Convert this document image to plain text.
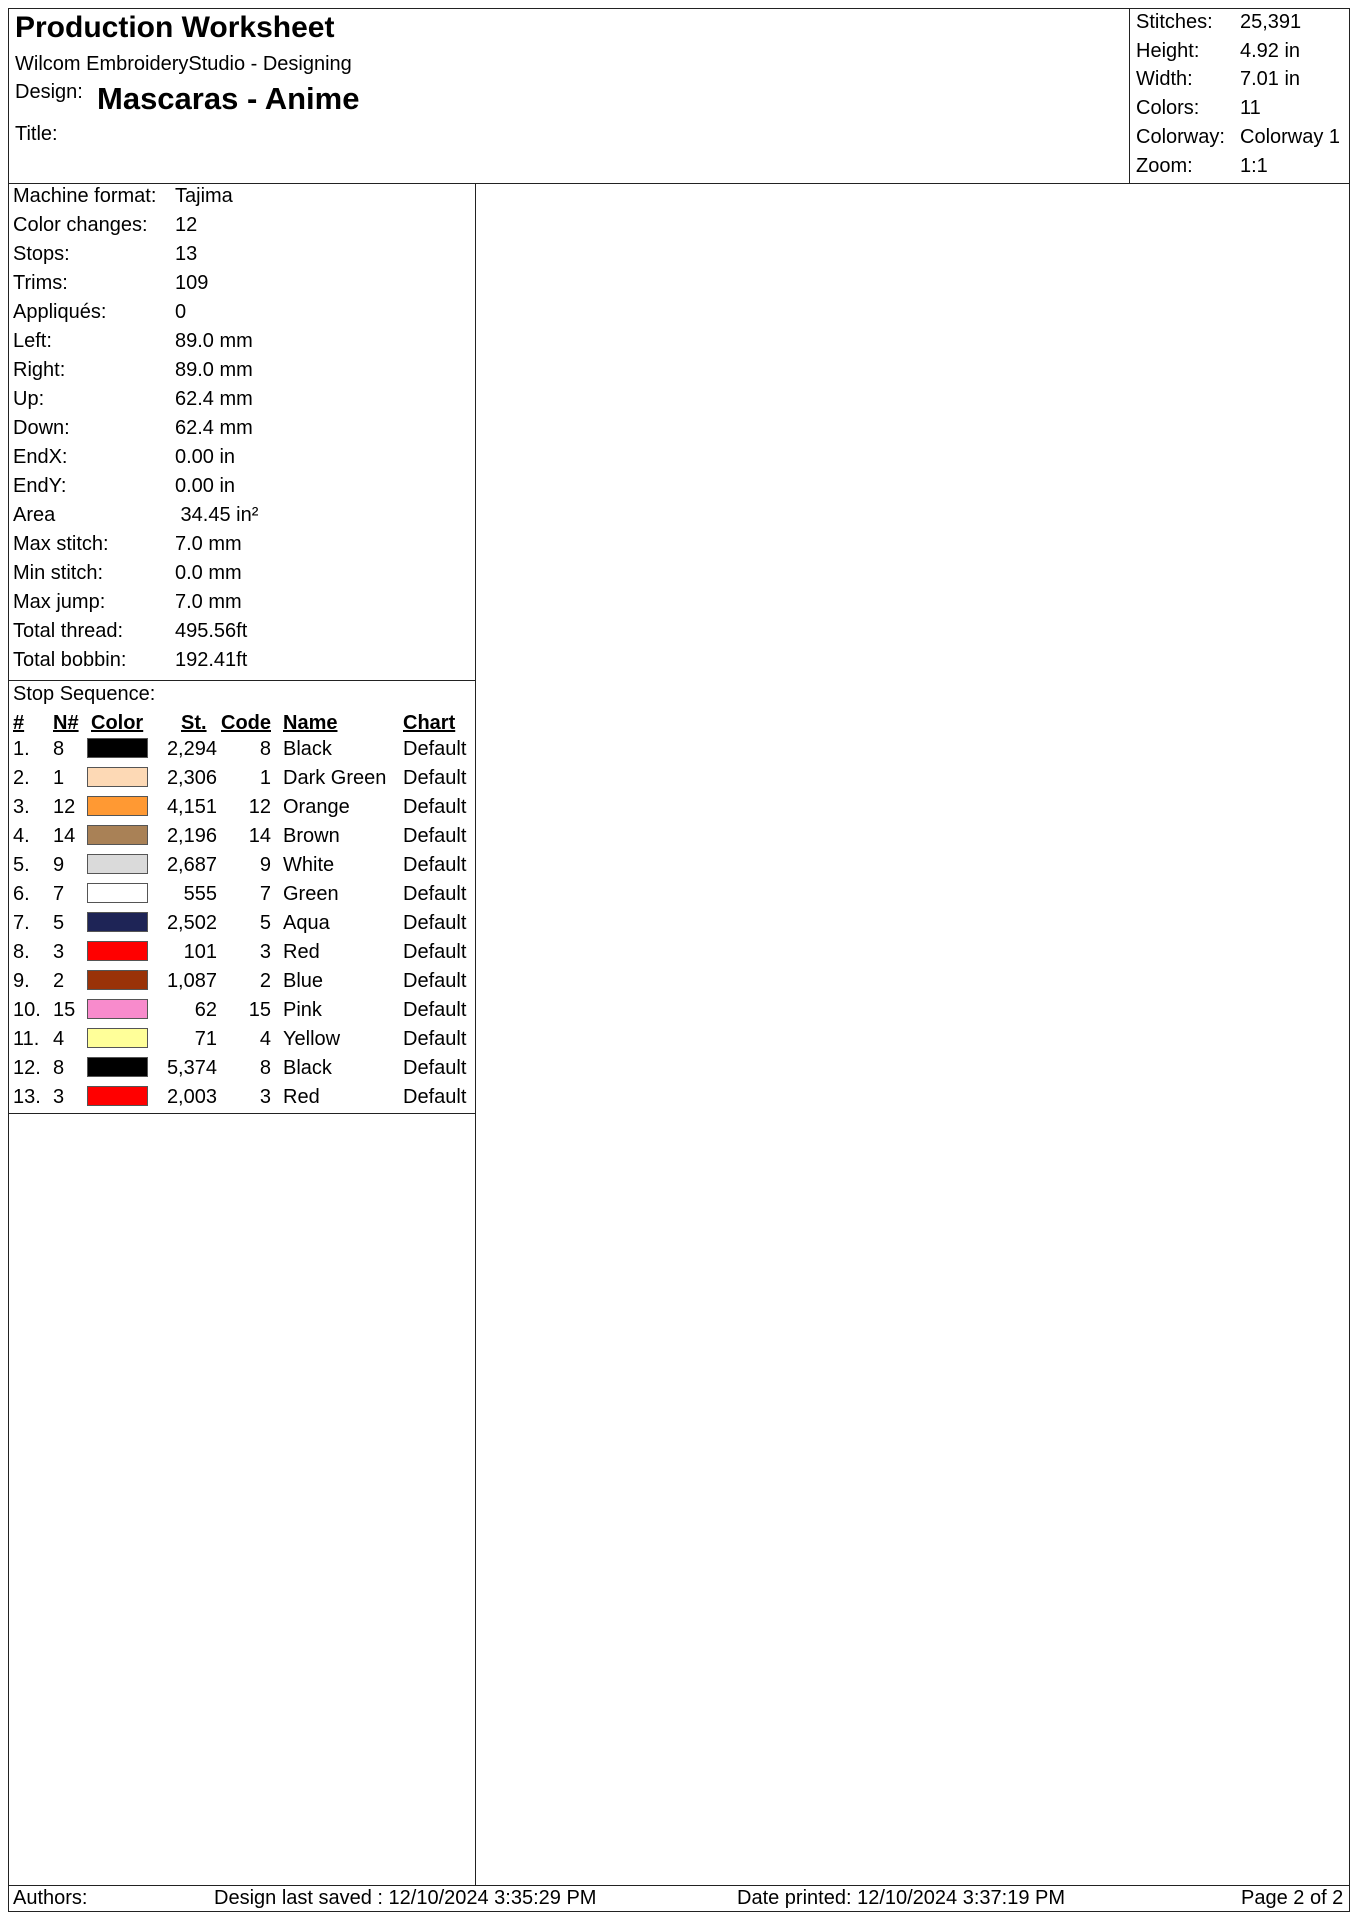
Production Worksheet
Wilcom EmbroideryStudio - Designing
Design: Mascaras - Anime
Title:
Stitches: 25,391
Height: 4.92 in
Width: 7.01 in
Colors: 11
Colorway: Colorway 1
Zoom: 1:1
Machine format: Tajima
Color changes: 12
Stops:	13
Trims:	109
Appliqués:	0
Left:	89.0 mm
Right:	89.0 mm
Up:	62.4 mm
Down:	62.4 mm
EndX:	0.00 in
EndY:	0.00 in
Area	34.45 in²
Max stitch:	7.0 mm
Min stitch:	0.0 mm
Max jump:	7.0 mm
Total thread:	495.56ft
Total bobbin: 192.41ft
Stop Sequence:
# N# Color St. Code Name	Chart
1. 8	2,294	8 Black	Default
2. 1	2,306	1 Dark Green Default
3. 12	4,151	12 Orange	Default
4. 14	2,196	14 Brown	Default
5. 9	2,687	9 White	Default
6. 7	555	7 Green	Default
7. 5	2,502	5 Aqua	Default
8. 3	101	3 Red	Default
9. 2	1,087	2 Blue	Default
10. 15	62	15 Pink	Default
11. 4	71	4 Yellow	Default
12. 8	5,374	8 Black	Default
13. 3	2,003	3 Red	Default
Authors:	Design last saved : 12/10/2024 3:35:29 PM	Date printed: 12/10/2024 3:37:19 PM	Page 2 of 2
